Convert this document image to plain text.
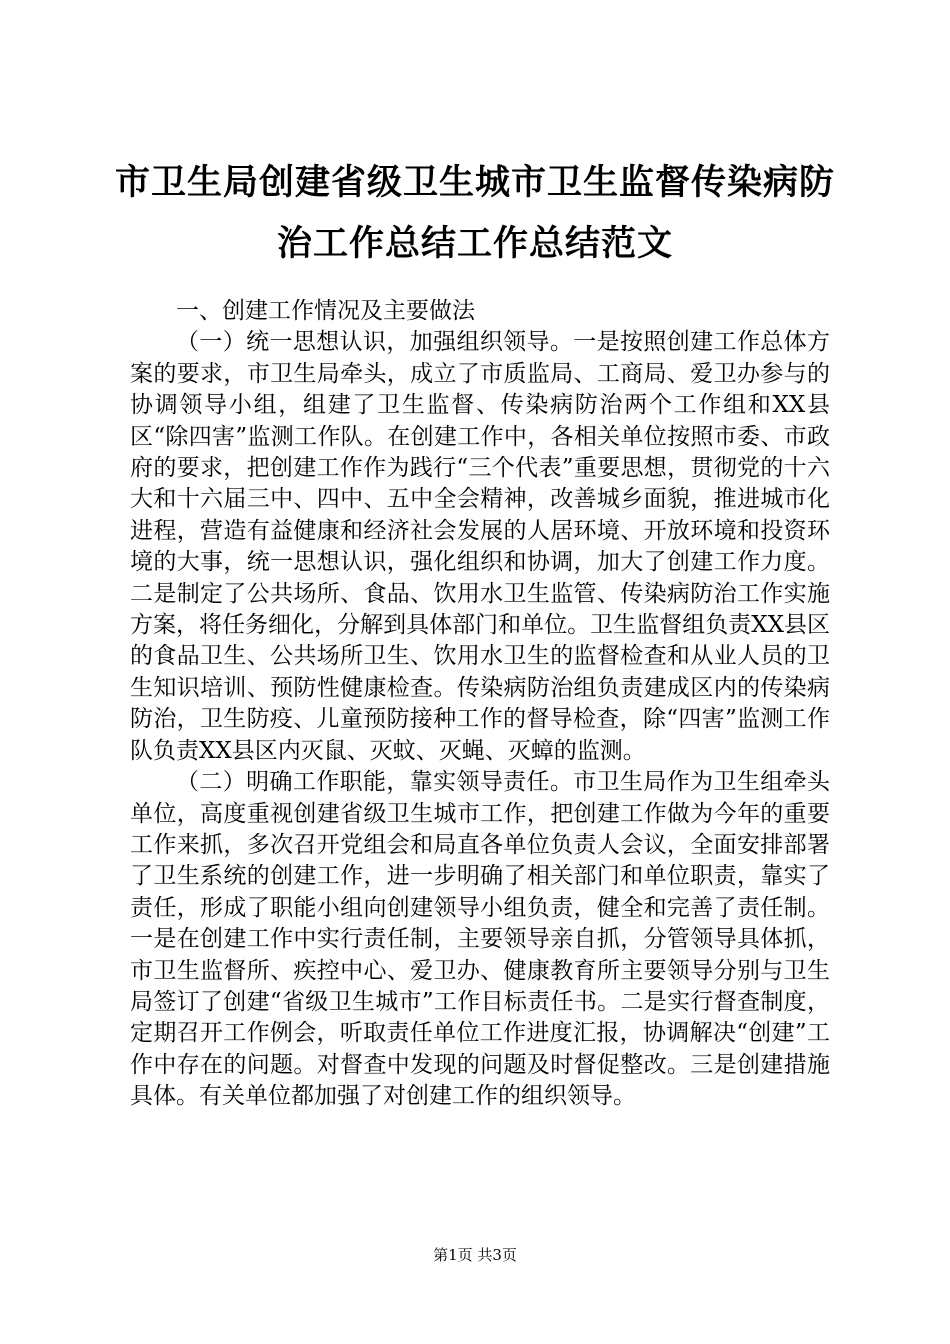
市卫生局创建省级卫生城市卫生监督传染病防
治工作总结工作总结范文

一、创建工作情况及主要做法

（一）统一思想认识，加强组织领导。一是按照创建工作总体方案的要求，市卫生局牵头，成立了市质监局、工商局、爱卫办参与的协调领导小组，组建了卫生监督、传染病防治两个工作组和XX县区“除四害”监测工作队。在创建工作中，各相关单位按照市委、市政府的要求，把创建工作作为践行“三个代表”重要思想，贯彻党的十六大和十六届三中、四中、五中全会精神，改善城乡面貌，推进城市化进程，营造有益健康和经济社会发展的人居环境、开放环境和投资环境的大事，统一思想认识，强化组织和协调，加大了创建工作力度。二是制定了公共场所、食品、饮用水卫生监管、传染病防治工作实施方案，将任务细化，分解到具体部门和单位。卫生监督组负责XX县区的食品卫生、公共场所卫生、饮用水卫生的监督检查和从业人员的卫生知识培训、预防性健康检查。传染病防治组负责建成区内的传染病防治，卫生防疫、儿童预防接种工作的督导检查，除“四害”监测工作队负责XX县区内灭鼠、灭蚊、灭蝇、灭蟑的监测。

（二）明确工作职能，靠实领导责任。市卫生局作为卫生组牵头单位，高度重视创建省级卫生城市工作，把创建工作做为今年的重要工作来抓，多次召开党组会和局直各单位负责人会议，全面安排部署了卫生系统的创建工作，进一步明确了相关部门和单位职责，靠实了责任，形成了职能小组向创建领导小组负责，健全和完善了责任制。一是在创建工作中实行责任制，主要领导亲自抓，分管领导具体抓，市卫生监督所、疾控中心、爱卫办、健康教育所主要领导分别与卫生局签订了创建“省级卫生城市”工作目标责任书。二是实行督查制度，定期召开工作例会，听取责任单位工作进度汇报，协调解决“创建”工作中存在的问题。对督查中发现的问题及时督促整改。三是创建措施具体。有关单位都加强了对创建工作的组织领导。

第1页 共3页
